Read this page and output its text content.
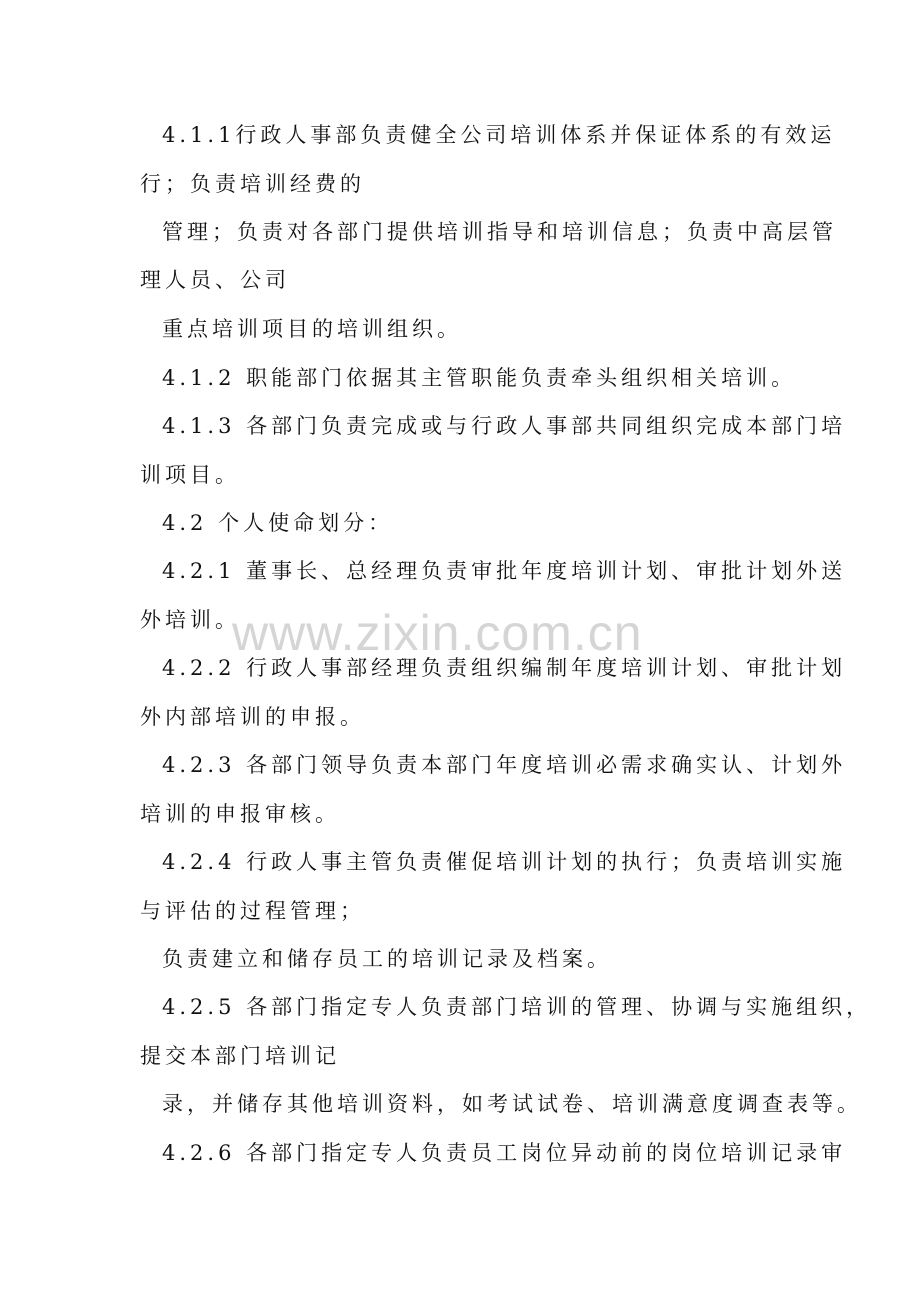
4.1.1行政人事部负责健全公司培训体系并保证体系的有效运

行；负责培训经费的

管理；负责对各部门提供培训指导和培训信息；负责中高层管

理人员、公司

重点培训项目的培训组织。

4.1.2 职能部门依据其主管职能负责牵头组织相关培训。

4.1.3 各部门负责完成或与行政人事部共同组织完成本部门培

训项目。

4.2 个人使命划分：

4.2.1 董事长、总经理负责审批年度培训计划、审批计划外送

外培训。

4.2.2 行政人事部经理负责组织编制年度培训计划、审批计划

外内部培训的申报。

4.2.3 各部门领导负责本部门年度培训必需求确实认、计划外

培训的申报审核。

4.2.4 行政人事主管负责催促培训计划的执行；负责培训实施

与评估的过程管理；

负责建立和储存员工的培训记录及档案。

4.2.5 各部门指定专人负责部门培训的管理、协调与实施组织，

提交本部门培训记

录，并储存其他培训资料，如考试试卷、培训满意度调查表等。

4.2.6 各部门指定专人负责员工岗位异动前的岗位培训记录审

www.zixin.com.cn
